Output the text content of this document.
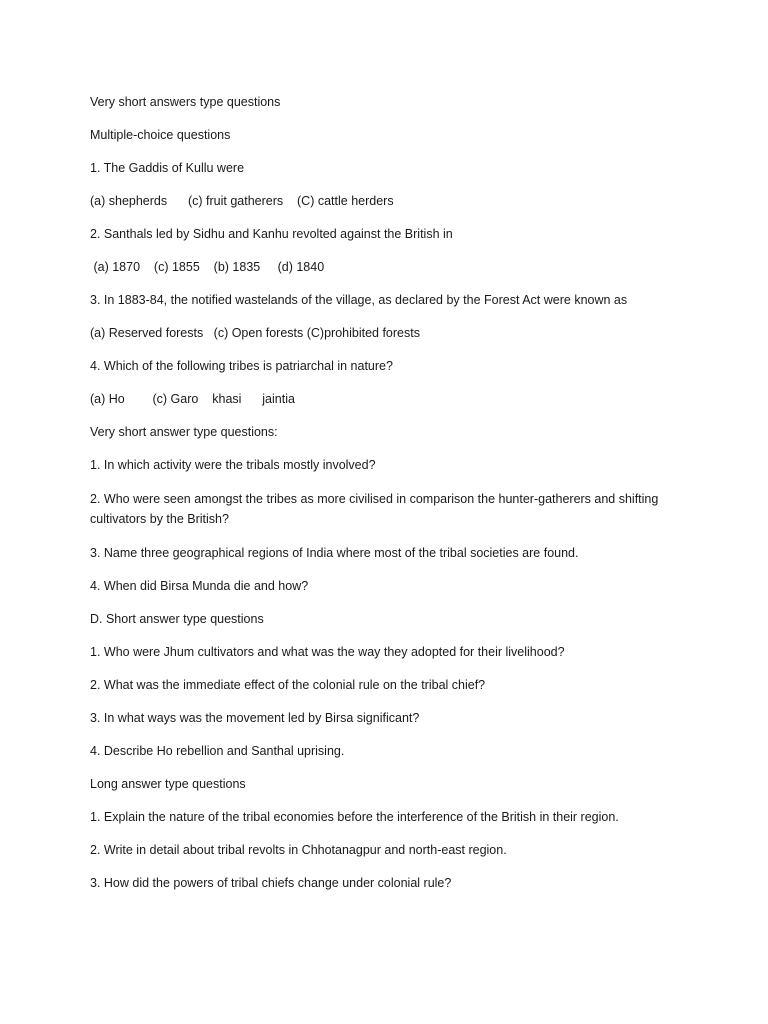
Very short answers type questions

Multiple-choice questions

1. The Gaddis of Kullu were

(a) shepherds      (c) fruit gatherers    (C) cattle herders

2. Santhals led by Sidhu and Kanhu revolted against the British in

(a) 1870    (c) 1855    (b) 1835     (d) 1840

3. In 1883-84, the notified wastelands of the village, as declared by the Forest Act were known as

(a) Reserved forests   (c) Open forests (C)prohibited forests

4. Which of the following tribes is patriarchal in nature?

(a) Ho        (c) Garo    khasi      jaintia

Very short answer type questions:

1. In which activity were the tribals mostly involved?

2. Who were seen amongst the tribes as more civilised in comparison the hunter-gatherers and shifting cultivators by the British?

3. Name three geographical regions of India where most of the tribal societies are found.

4. When did Birsa Munda die and how?

D. Short answer type questions

1. Who were Jhum cultivators and what was the way they adopted for their livelihood?

2. What was the immediate effect of the colonial rule on the tribal chief?

3. In what ways was the movement led by Birsa significant?

4. Describe Ho rebellion and Santhal uprising.

Long answer type questions

1. Explain the nature of the tribal economies before the interference of the British in their region.

2. Write in detail about tribal revolts in Chhotanagpur and north-east region.

3. How did the powers of tribal chiefs change under colonial rule?
